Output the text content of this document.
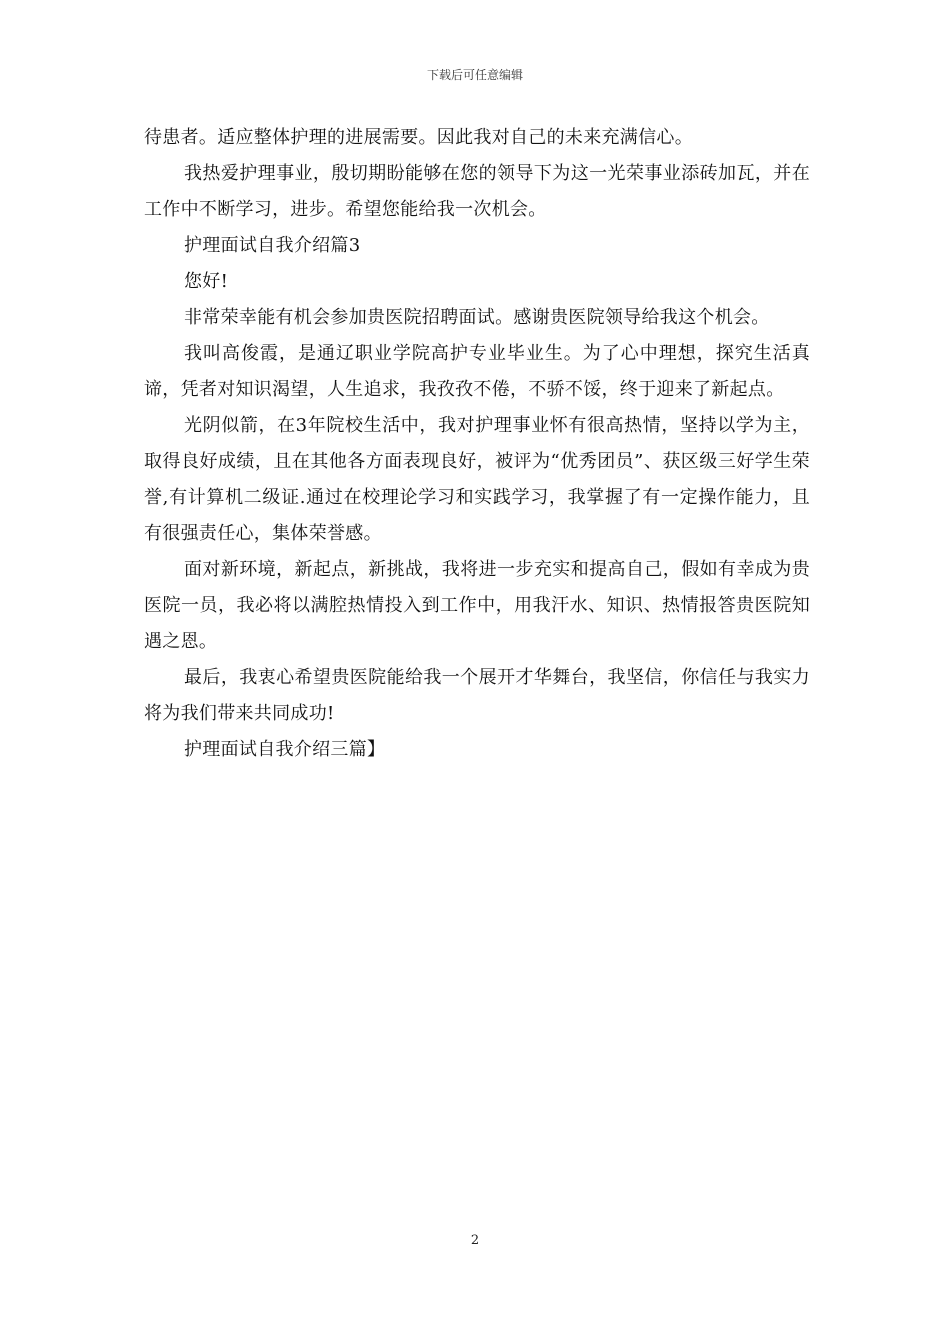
下载后可任意编辑

待患者。适应整体护理的进展需要。因此我对自己的未来充满信心。

我热爱护理事业，殷切期盼能够在您的领导下为这一光荣事业添砖加瓦，并在工作中不断学习，进步。希望您能给我一次机会。

护理面试自我介绍篇3

您好!

非常荣幸能有机会参加贵医院招聘面试。感谢贵医院领导给我这个机会。

我叫高俊霞，是通辽职业学院高护专业毕业生。为了心中理想，探究生活真谛，凭者对知识渴望，人生追求，我孜孜不倦，不骄不馁，终于迎来了新起点。

光阴似箭，在3年院校生活中，我对护理事业怀有很高热情，坚持以学为主，取得良好成绩，且在其他各方面表现良好，被评为“优秀团员”、获区级三好学生荣誉,有计算机二级证.通过在校理论学习和实践学习，我掌握了有一定操作能力，且有很强责任心，集体荣誉感。

面对新环境，新起点，新挑战，我将进一步充实和提高自己，假如有幸成为贵医院一员，我必将以满腔热情投入到工作中，用我汗水、知识、热情报答贵医院知遇之恩。

最后，我衷心希望贵医院能给我一个展开才华舞台，我坚信，你信任与我实力将为我们带来共同成功!

护理面试自我介绍三篇】

2
